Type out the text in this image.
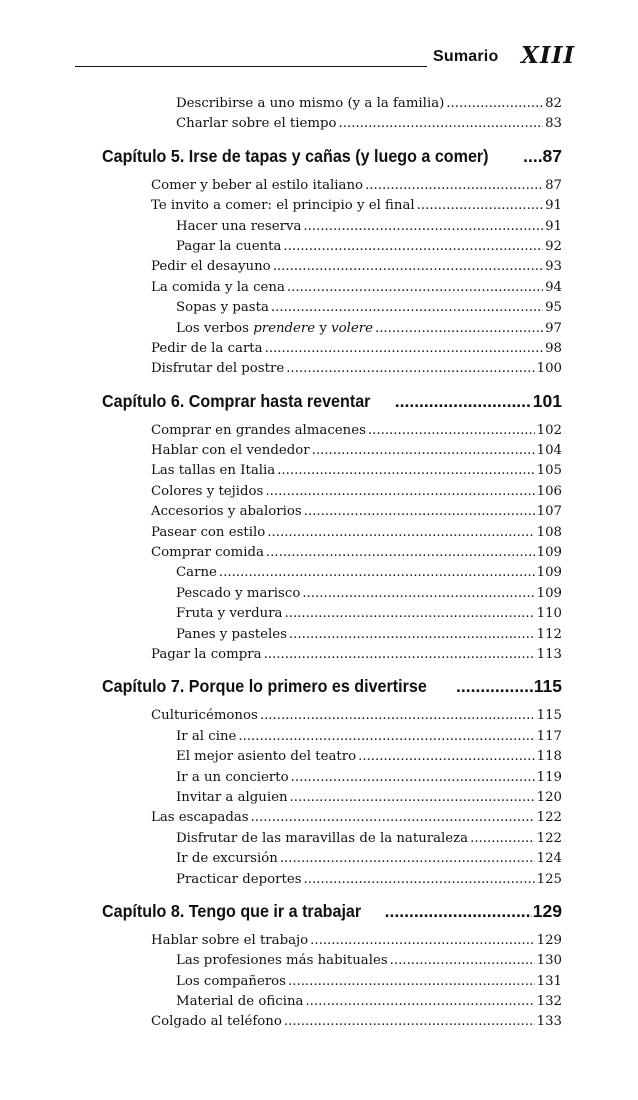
Sumario XIII
Describirse a uno mismo (y a la familia) .....	82
Charlar sobre el tiempo .....	83
Capítulo 5. Irse de tapas y cañas (y luego a comer) .....	87
Comer y beber al estilo italiano .....	87
Te invito a comer: el principio y el final .....	91
Hacer una reserva .....	91
Pagar la cuenta .....	92
Pedir el desayuno .....	93
La comida y la cena .....	94
Sopas y pasta .....	95
Los verbos prendere y volere .....	97
Pedir de la carta .....	98
Disfrutar del postre .....	100
Capítulo 6. Comprar hasta reventar .....	101
Comprar en grandes almacenes .....	102
Hablar con el vendedor .....	104
Las tallas en Italia .....	105
Colores y tejidos .....	106
Accesorios y abalorios .....	107
Pasear con estilo .....	108
Comprar comida .....	109
Carne .....	109
Pescado y marisco .....	109
Fruta y verdura .....	110
Panes y pasteles .....	112
Pagar la compra .....	113
Capítulo 7. Porque lo primero es divertirse .....	115
Culturicémonos .....	115
Ir al cine .....	117
El mejor asiento del teatro .....	118
Ir a un concierto .....	119
Invitar a alguien .....	120
Las escapadas .....	122
Disfrutar de las maravillas de la naturaleza .....	122
Ir de excursión .....	124
Practicar deportes .....	125
Capítulo 8. Tengo que ir a trabajar .....	129
Hablar sobre el trabajo .....	129
Las profesiones más habituales .....	130
Los compañeros .....	131
Material de oficina .....	132
Colgado al teléfono .....	133
